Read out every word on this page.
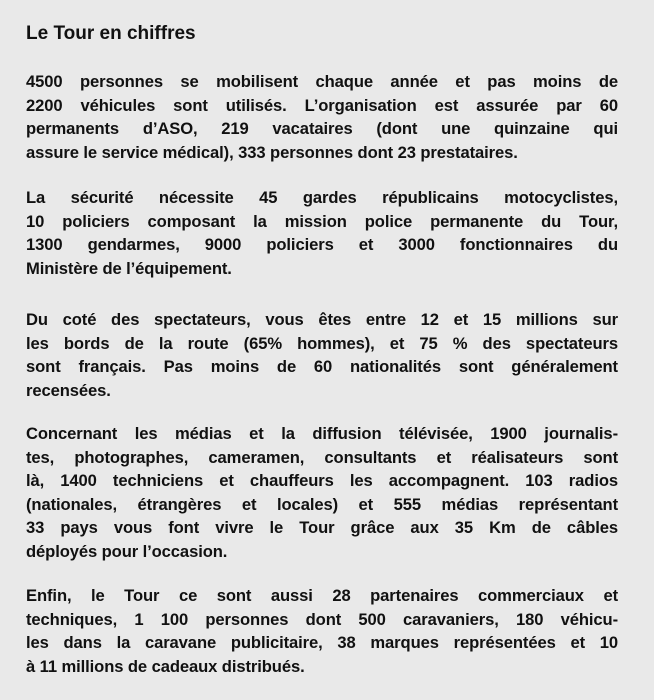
Le Tour en chiffres
4500 personnes se mobilisent chaque année et pas moins de
2200 véhicules sont utilisés. L’organisation est assurée par 60
permanents d’ASO, 219 vacataires (dont une quinzaine qui
assure le service médical), 333 personnes dont 23 prestataires.
La sécurité nécessite 45 gardes républicains motocyclistes,
10 policiers composant la mission police permanente du Tour,
1300 gendarmes, 9000 policiers et 3000 fonctionnaires du
Ministère de l’équipement.
Du coté des spectateurs, vous êtes entre 12 et 15 millions sur
les bords de la route (65% hommes), et 75 % des spectateurs
sont français. Pas moins de 60 nationalités sont généralement
recensées.
Concernant les médias et la diffusion télévisée, 1900 journalis-
tes, photographes, cameramen, consultants et réalisateurs sont
là, 1400 techniciens et chauffeurs les accompagnent. 103 radios
(nationales, étrangères et locales) et 555 médias représentant
33 pays vous font vivre le Tour grâce aux 35 Km de câbles
déployés pour l’occasion.
Enfin, le Tour ce sont aussi 28 partenaires commerciaux et
techniques, 1 100 personnes dont 500 caravaniers, 180 véhicu-
les dans la caravane publicitaire, 38 marques représentées et 10
à 11 millions de cadeaux distribués.
